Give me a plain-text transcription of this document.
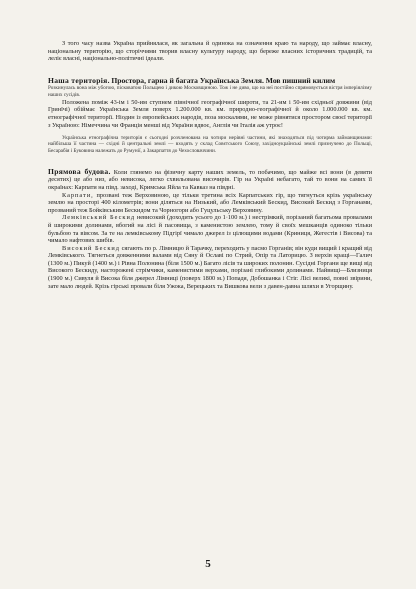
З того часу назва Україна прийнялася, як загальна й одинока на означення краю та народу, що займає власну, національну територію, що сторіччями творив власну культуру народу, що береже власних історичних традицій, та леліє власні, національно-політичні ідеали.

Наша територія. Простора, гарна й багата Українська Земля. Мов пишний килим

Розкинулась вона між убогою, пісковатою Польщею і дикою Московщиною. Тож і не диво, що на неї постійно спрямовується вістря імперіялізму наших сусідів.

Положена поміж 43-ім і 50-им ступнем північної географічної широти, та 21-им і 50-им східньої довжини (від Гринїчі) обіймає Українська Земля поверх 1.200.000 кв. км. природно-географічної й около 1.000.000 кв. км. етнографічної території. Ніодин із европейських народів, поза москалями, не може рівнятися простором своєї території з Україною: Німеччина чи Франція менші від України вдвоє, Англія чи Італія аж утроє!

Українська етнографічна територія є сьогодні розчленована на чотири нерівні частини, які знаходяться під чотирма займанщинами: найбільша її частина — східні й центральні землі — входять у склад Совєтського Союзу, західноукраїнські землі признучено до Польщі, Бесарабія і Буковина належать до Румунії, а Закарпаття до Чехословаччини.

Прямова будова. Коли глянемо на фізичну карту наших земель, то побачимо, що майже всі вони (в девяти десятих) це або низ, або невисока, легко схвильована височирів. Гір на Україні небагато, тай то вони на самих її окраїнах: Карпати на півд. заході, Кримська Яйла та Кавказ на півдні.

Карпати, прозвані теж Верховиною, це тільки третина всіх Карпатських гір, що тягнуться крізь українську землю на просторі 400 кілометрів; вони діляться на Низький, або Лемківський Бескид, Високий Бескид з Горганами, прозваний теж Бойківським Бескидом та Чорногори або Гуцульську Верховину.

Лемківський Бескид невисокий (доходить усього до 1·100 м.) і нестрімкий, порізаний багатьома провалами й широкими долинами, вбогий на лісі й пасовища, з каменистою землею, тому й своїх мешканців одиноко тільки бульбою та вівсом. За те на лемківському Підгірї чимало джерел із цілющими водами (Криниця, Жегестів і Висова) та чимало нафтових шибів.

Високий Бескид сягають по р. Лімницю й Тарачку, переходить у пасмо Горганів; він куди вищий і кращий від Лемківського. Тягнеться довженними валами від Сяну й Ославі по Стрий, Опір та Латорицю. З верхів кращі—Галич (1300 м.) Пикуй (1400 м.) і Рівна Полонина (біля 1500 м.) Багато лісів та широких полонин. Сусідні Горгани ще вищі від Високого Бескиду, насторожені стрімчики, каменистими верхами, порізані глибокими долинами. Найвищі—Близниця (1900 м.) Сивуля й Висока біля джерел Лімниці (поверх 1800 м.) Попадя, Добошанка і Стіг. Лісі великі, повні звірини, зате мало людей. Крізь гірські провали біля Ужока, Верецьких та Вишкова вели з давен-давна шляхи в Угорщину.

5
